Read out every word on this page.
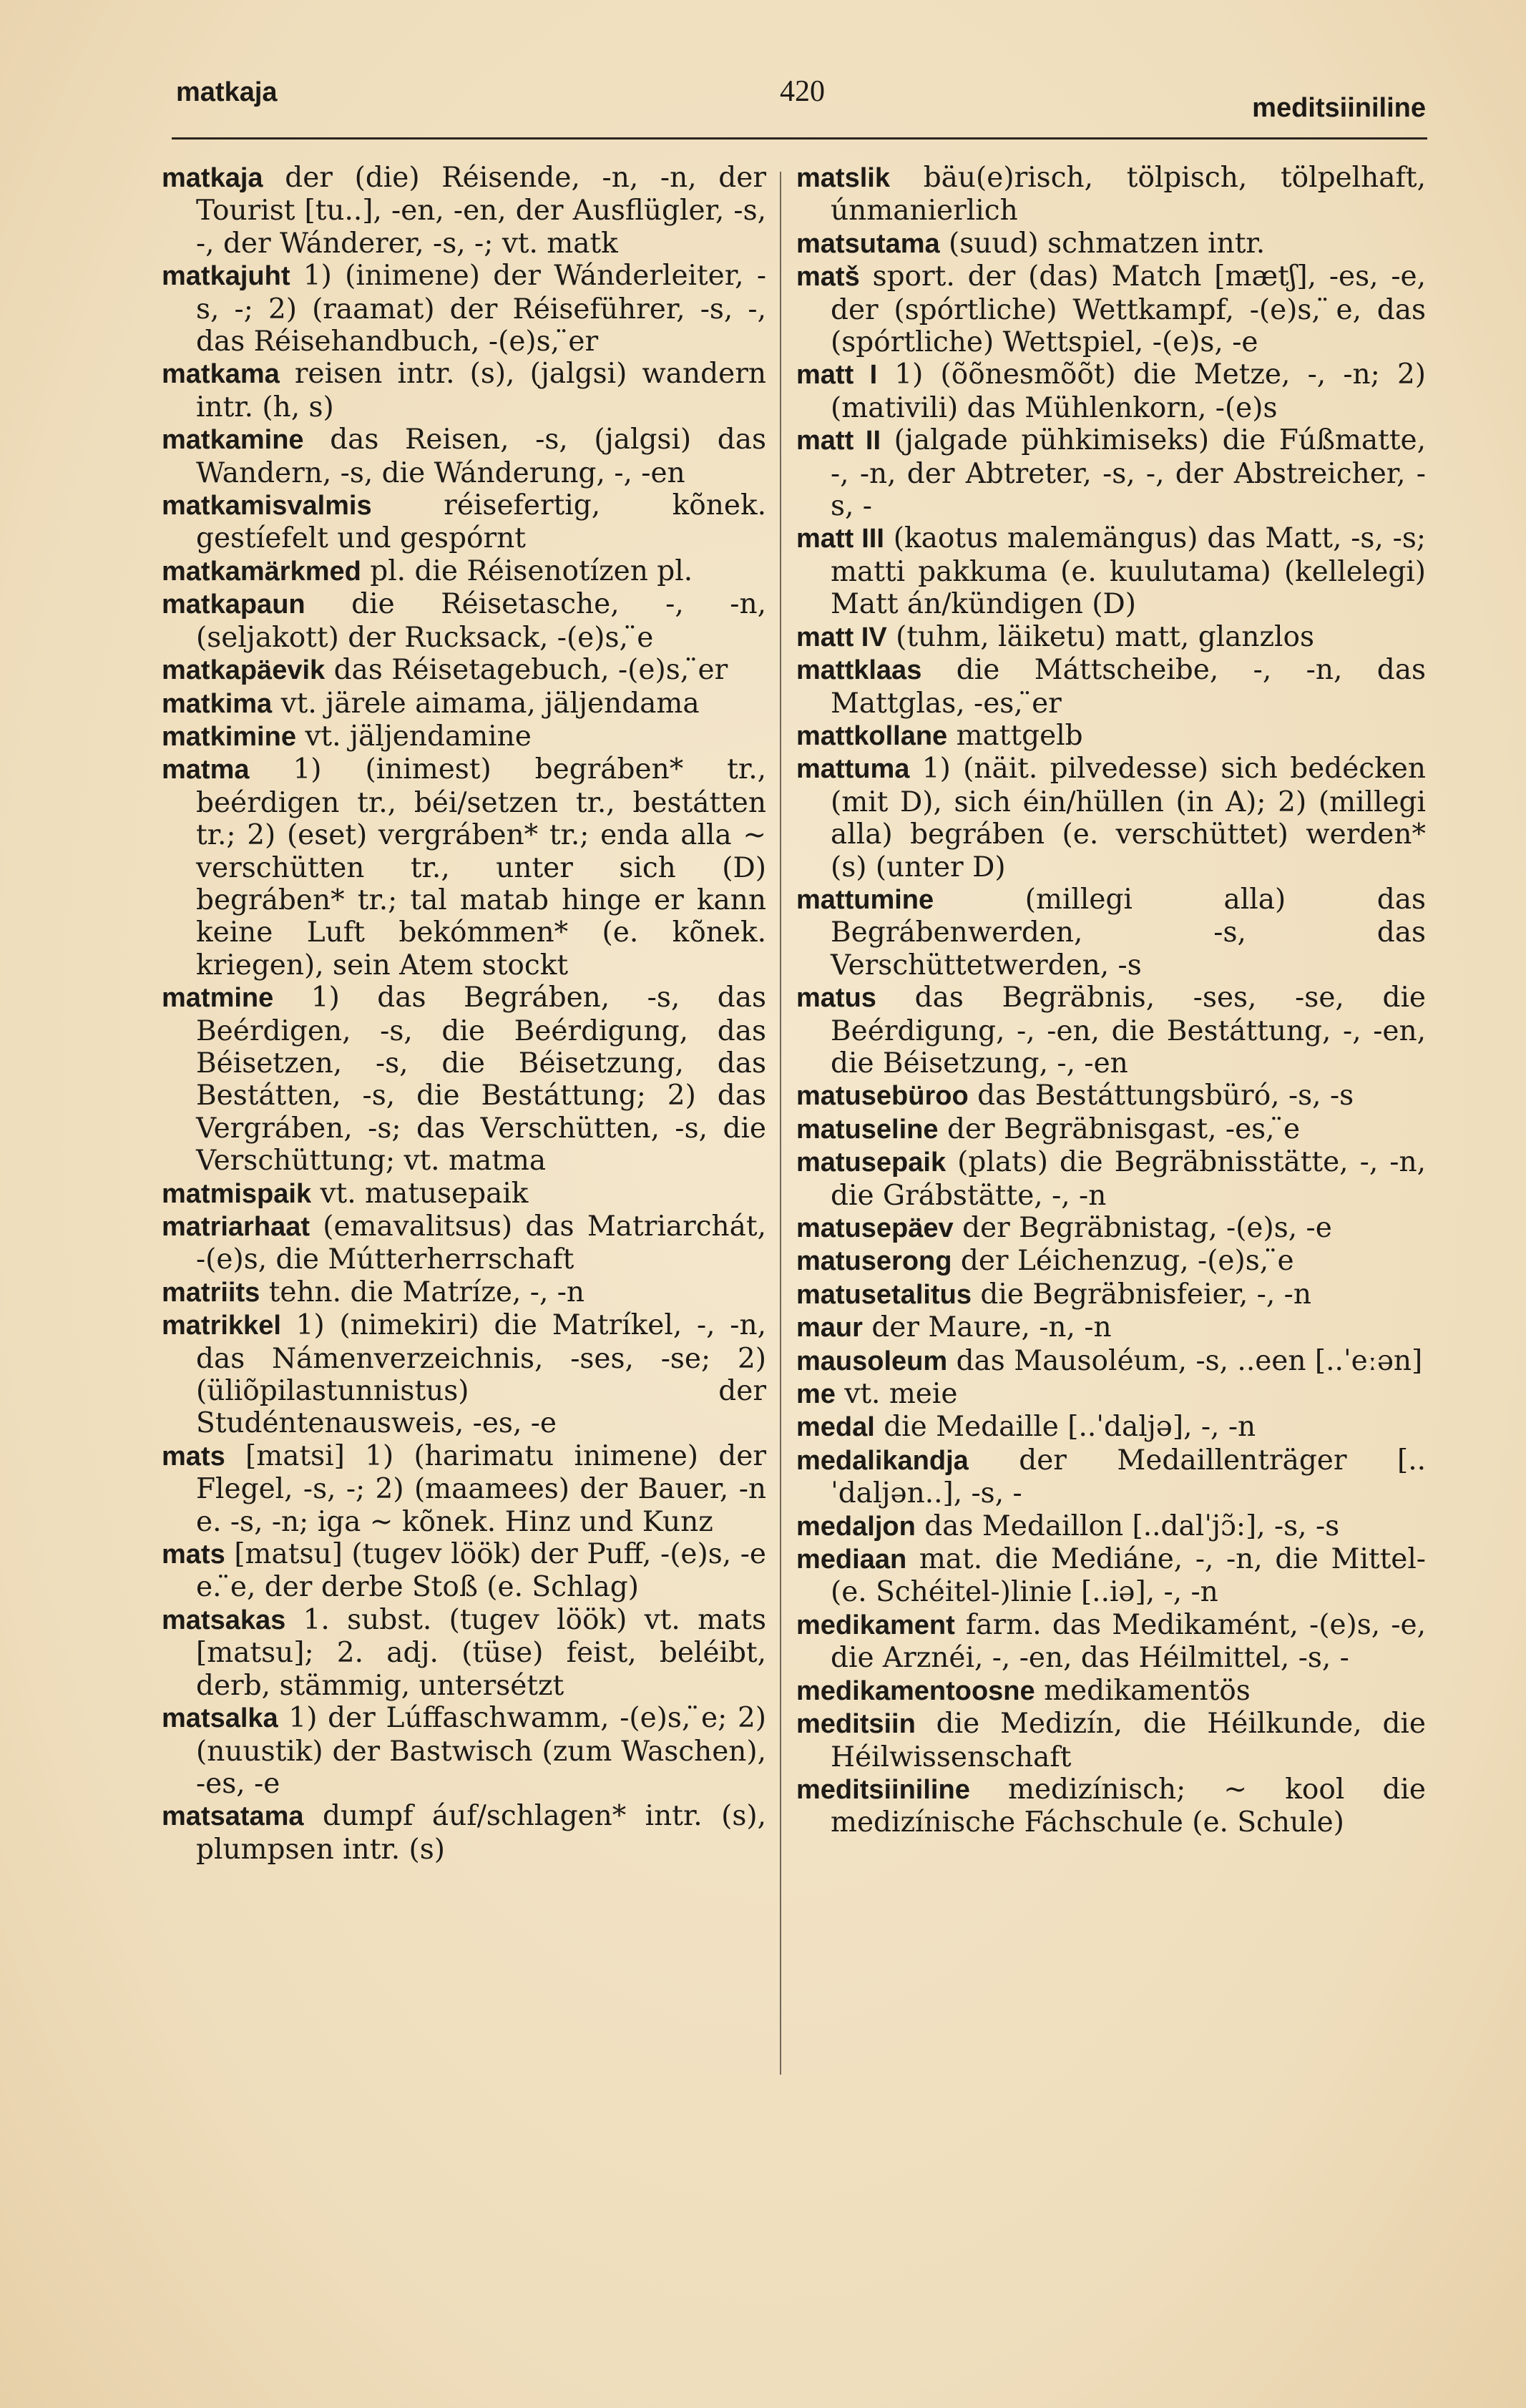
matkaja	420	meditsiiniline

matkaja der (die) Réisende, -n, -n, der Tourist [tu..], -en, -en, der Ausflügler, -s, -, der Wánderer, -s, -; vt. matk

matkajuht 1) (inimene) der Wánderleiter, -s, -; 2) (raamat) der Réiseführer, -s, -, das Réisehandbuch, -(e)s, ̈er

matkama reisen intr. (s), (jalgsi) wandern intr. (h, s)

matkamine das Reisen, -s, (jalgsi) das Wandern, -s, die Wánderung, -, -en

matkamisvalmis	réisefertig, kõnek. gestíefelt und gespórnt

matkamärkmed pl. die Réisenotízen pl.

matkapaun die Réisetasche, -, -n, (seljakott) der Rucksack, -(e)s, ̈e

matkapäevik das Réisetagebuch, -(e)s, ̈er

matkima vt. järele aimama, jäljendama

matkimine vt. jäljendamine

matma 1) (inimest) begráben* tr., beérdigen tr., béi/setzen tr., bestátten tr.; 2) (eset) vergráben* tr.; enda alla ~ verschütten tr., unter sich (D) begráben* tr.; tal matab hinge er kann keine Luft bekómmen* (e. kõnek. kriegen), sein Atem stockt

matmine 1) das Begráben, -s, das Beérdigen, -s, die Beérdigung, das Béisetzen, -s, die Béisetzung, das Bestátten, -s, die Bestáttung; 2) das Vergráben, -s; das Verschütten, -s, die Verschüttung; vt. matma

matmispaik vt. matusepaik

matriarhaat (emavalitsus) das Matriarchát, -(e)s, die Mútterherrschaft

matriits tehn. die Matríze, -, -n

matrikkel 1) (nimekiri) die Matríkel, -, -n, das Námenverzeichnis, -ses, -se; 2) (üliõpilastunnistus) der Studéntenausweis, -es, -e

mats [matsi] 1) (harimatu inimene) der Flegel, -s, -; 2) (maamees) der Bauer, -n e. -s, -n; iga ~ kõnek. Hinz und Kunz

mats [matsu] (tugev löök) der Puff, -(e)s, -e e. ̈e, der derbe Stoß (e. Schlag)

matsakas 1. subst. (tugev löök) vt. mats [matsu]; 2. adj. (tüse) feist, beléibt, derb, stämmig, untersétzt

matsalka 1) der Lúffaschwamm, -(e)s, ̈e; 2) (nuustik) der Bastwisch (zum Waschen), -es, -e

matsatama dumpf áuf/schlagen* intr. (s), plumpsen intr. (s)

matslik bäu(e)risch, tölpisch, tölpelhaft, únmanierlich

matsutama (suud) schmatzen intr.

matš sport. der (das) Match [mætʃ], -es, -e, der (spórtliche) Wettkampf, -(e)s, ̈e, das (spórtliche) Wettspiel, -(e)s, -e

matt I 1) (õõnesmõõt) die Metze, -, -n; 2) (mativili) das Mühlenkorn, -(e)s

matt II (jalgade pühkimiseks) die Fúßmatte, -, -n, der Abtreter, -s, -, der Abstreicher, -s, -

matt III (kaotus malemängus) das Matt, -s, -s; matti pakkuma (e. kuulutama) (kellelegi) Matt án/kündigen (D)

matt IV (tuhm, läiketu) matt, glanzlos

mattklaas die Máttscheibe, -, -n, das Mattglas, -es, ̈er

mattkollane mattgelb

mattuma 1) (näit. pilvedesse) sich bedécken (mit D), sich éin/hüllen (in A); 2) (millegi alla) begráben (e. verschüttet) werden* (s) (unter D)

mattumine	(millegi alla) das Begrábenwerden, -s, das Verschüttetwerden, -s

matus das Begräbnis, -ses, -se, die Beérdigung, -, -en, die Bestáttung, -, -en, die Béisetzung, -, -en

matusebüroo das Bestáttungsbüró, -s, -s

matuseline der Begräbnisgast, -es, ̈e

matusepaik (plats) die Begräbnisstätte, -, -n, die Grábstätte, -, -n

matusepäev der Begräbnistag, -(e)s, -e

matuserong der Léichenzug, -(e)s, ̈e

matusetalitus die Begräbnisfeier, -, -n

maur der Maure, -n, -n

mausoleum das Mausoléum, -s, ..een [..ˈeːən]

me vt. meie

medal die Medaille [..ˈdaljə], -, -n

medalikandja der Medaillenträger [..ˈdaljən..], -s, -

medaljon das Medaillon [..dalˈjɔ̃:], -s, -s

mediaan mat. die Mediáne, -, -n, die Mittel- (e. Schéitel-)linie [..iə], -, -n

medikament farm. das Medikamént, -(e)s, -e, die Arznéi, -, -en, das Héilmittel, -s, -

medikamentoosne medikamentös

meditsiin die Medizín, die Héilkunde, die Héilwissenschaft

meditsiiniline medizínisch; ~ kool die medizínische Fáchschule (e. Schule)
